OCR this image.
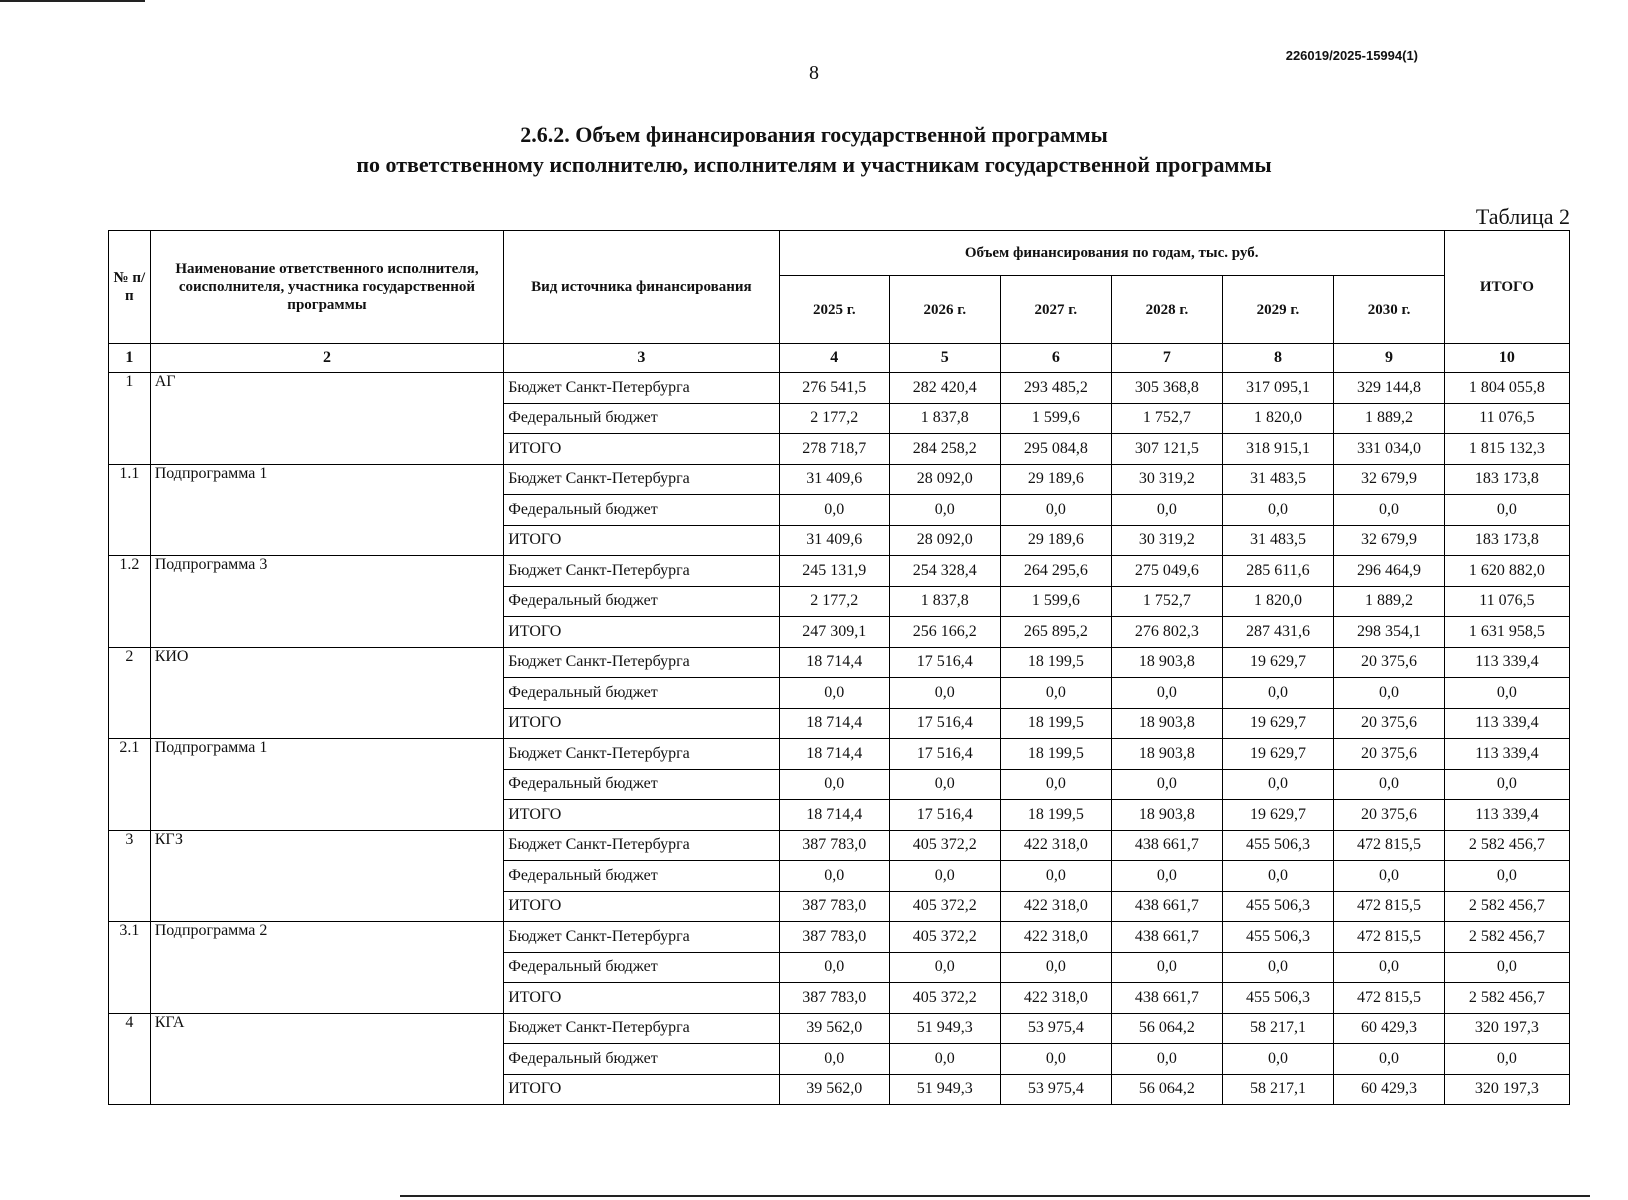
226019/2025-15994(1)
8
2.6.2. Объем финансирования государственной программы
по ответственному исполнителю, исполнителям и участникам государственной программы
Таблица 2
№ п/п	Наименование ответственного исполнителя, соисполнителя, участника государственной программы	Вид источника финансирования	Объем финансирования по годам, тыс. руб.						ИТОГО
			2025 г.	2026 г.	2027 г.	2028 г.	2029 г.	2030 г.	
1	2	3	4	5	6	7	8	9	10
1	АГ	Бюджет Санкт-Петербурга	276 541,5	282 420,4	293 485,2	305 368,8	317 095,1	329 144,8	1 804 055,8
		Федеральный бюджет	2 177,2	1 837,8	1 599,6	1 752,7	1 820,0	1 889,2	11 076,5
		ИТОГО	278 718,7	284 258,2	295 084,8	307 121,5	318 915,1	331 034,0	1 815 132,3
1.1	Подпрограмма 1	Бюджет Санкт-Петербурга	31 409,6	28 092,0	29 189,6	30 319,2	31 483,5	32 679,9	183 173,8
		Федеральный бюджет	0,0	0,0	0,0	0,0	0,0	0,0	0,0
		ИТОГО	31 409,6	28 092,0	29 189,6	30 319,2	31 483,5	32 679,9	183 173,8
1.2	Подпрограмма 3	Бюджет Санкт-Петербурга	245 131,9	254 328,4	264 295,6	275 049,6	285 611,6	296 464,9	1 620 882,0
		Федеральный бюджет	2 177,2	1 837,8	1 599,6	1 752,7	1 820,0	1 889,2	11 076,5
		ИТОГО	247 309,1	256 166,2	265 895,2	276 802,3	287 431,6	298 354,1	1 631 958,5
2	КИО	Бюджет Санкт-Петербурга	18 714,4	17 516,4	18 199,5	18 903,8	19 629,7	20 375,6	113 339,4
		Федеральный бюджет	0,0	0,0	0,0	0,0	0,0	0,0	0,0
		ИТОГО	18 714,4	17 516,4	18 199,5	18 903,8	19 629,7	20 375,6	113 339,4
2.1	Подпрограмма 1	Бюджет Санкт-Петербурга	18 714,4	17 516,4	18 199,5	18 903,8	19 629,7	20 375,6	113 339,4
		Федеральный бюджет	0,0	0,0	0,0	0,0	0,0	0,0	0,0
		ИТОГО	18 714,4	17 516,4	18 199,5	18 903,8	19 629,7	20 375,6	113 339,4
3	КГЗ	Бюджет Санкт-Петербурга	387 783,0	405 372,2	422 318,0	438 661,7	455 506,3	472 815,5	2 582 456,7
		Федеральный бюджет	0,0	0,0	0,0	0,0	0,0	0,0	0,0
		ИТОГО	387 783,0	405 372,2	422 318,0	438 661,7	455 506,3	472 815,5	2 582 456,7
3.1	Подпрограмма 2	Бюджет Санкт-Петербурга	387 783,0	405 372,2	422 318,0	438 661,7	455 506,3	472 815,5	2 582 456,7
		Федеральный бюджет	0,0	0,0	0,0	0,0	0,0	0,0	0,0
		ИТОГО	387 783,0	405 372,2	422 318,0	438 661,7	455 506,3	472 815,5	2 582 456,7
4	КГА	Бюджет Санкт-Петербурга	39 562,0	51 949,3	53 975,4	56 064,2	58 217,1	60 429,3	320 197,3
		Федеральный бюджет	0,0	0,0	0,0	0,0	0,0	0,0	0,0
		ИТОГО	39 562,0	51 949,3	53 975,4	56 064,2	58 217,1	60 429,3	320 197,3
